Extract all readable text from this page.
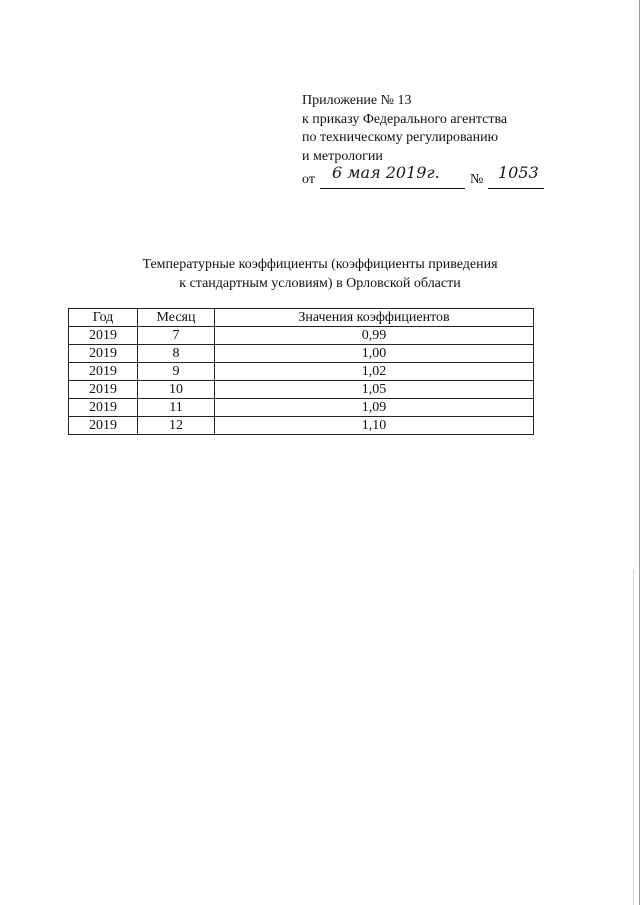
Приложение № 13
к приказу Федерального агентства
по техническому регулированию
и метрологии
от 6 мая 2019г. № 1053
Температурные коэффициенты (коэффициенты приведения
к стандартным условиям) в Орловской области
Год	Месяц	Значения коэффициентов
2019	7	0,99
2019	8	1,00
2019	9	1,02
2019	10	1,05
2019	11	1,09
2019	12	1,10
